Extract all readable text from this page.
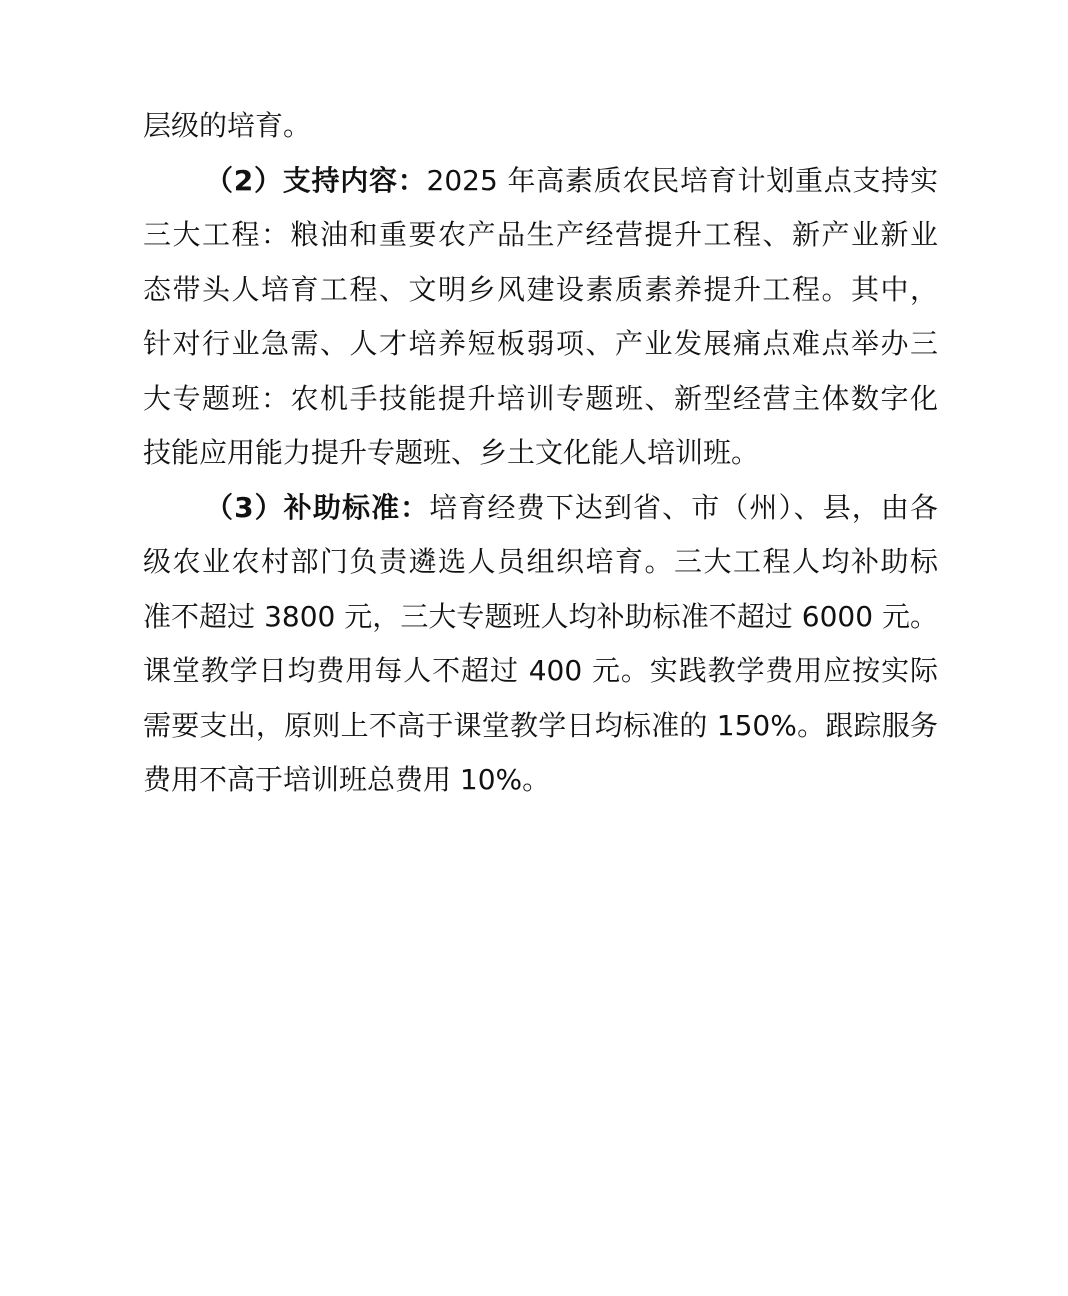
层级的培育。
（2）支持内容：2025 年高素质农民培育计划重点支持实
三大工程：粮油和重要农产品生产经营提升工程、新产业新业
态带头人培育工程、文明乡风建设素质素养提升工程。其中，
针对行业急需、人才培养短板弱项、产业发展痛点难点举办三
大专题班：农机手技能提升培训专题班、新型经营主体数字化
技能应用能力提升专题班、乡土文化能人培训班。
（3）补助标准：培育经费下达到省、市（州）、县，由各
级农业农村部门负责遴选人员组织培育。三大工程人均补助标
准不超过 3800 元，三大专题班人均补助标准不超过 6000 元。
课堂教学日均费用每人不超过 400 元。实践教学费用应按实际
需要支出，原则上不高于课堂教学日均标准的 150%。跟踪服务
费用不高于培训班总费用 10%。
